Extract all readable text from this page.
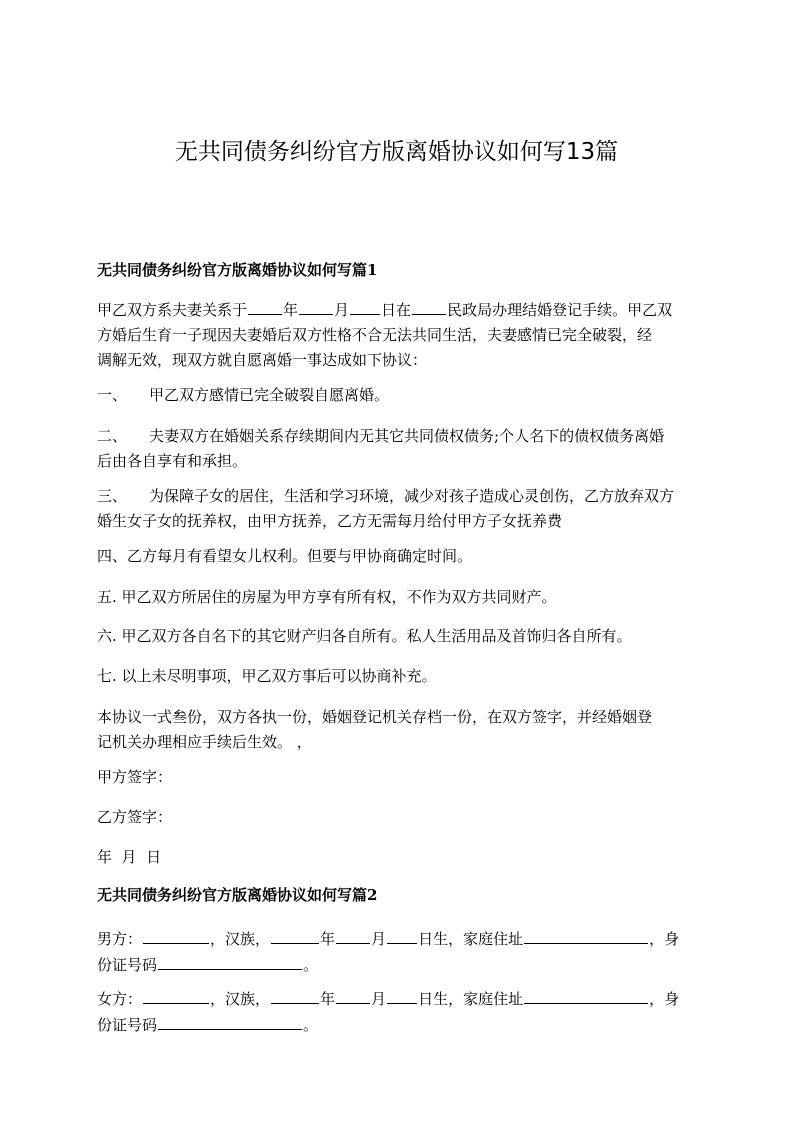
无共同债务纠纷官方版离婚协议如何写13篇
无共同债务纠纷官方版离婚协议如何写篇1
甲乙双方系夫妻关系于 年 月 日在 民政局办理结婚登记手续。甲乙双
方婚后生育一子现因夫妻婚后双方性格不合无法共同生活，夫妻感情已完全破裂，经
调解无效，现双方就自愿离婚一事达成如下协议：
一、 甲乙双方感情已完全破裂自愿离婚。
二、 夫妻双方在婚姻关系存续期间内无其它共同债权债务;个人名下的债权债务离婚
后由各自享有和承担。
三、 为保障子女的居住，生活和学习环境，减少对孩子造成心灵创伤，乙方放弃双方
婚生女子女的抚养权，由甲方抚养，乙方无需每月给付甲方子女抚养费
四、乙方每月有看望女儿权利。但要与甲协商确定时间。
五. 甲乙双方所居住的房屋为甲方享有所有权，不作为双方共同财产。
六. 甲乙双方各自名下的其它财产归各自所有。私人生活用品及首饰归各自所有。
七. 以上未尽明事项，甲乙双方事后可以协商补充。
本协议一式叁份，双方各执一份，婚姻登记机关存档一份，在双方签字，并经婚姻登
记机关办理相应手续后生效。 ，
甲方签字：
乙方签字：
年  月  日
无共同债务纠纷官方版离婚协议如何写篇2
男方：	，汉族，	年 月 日生，家庭住址	，身
份证号码	。
女方：	，汉族，	年 月 日生，家庭住址	，身
份证号码	。
